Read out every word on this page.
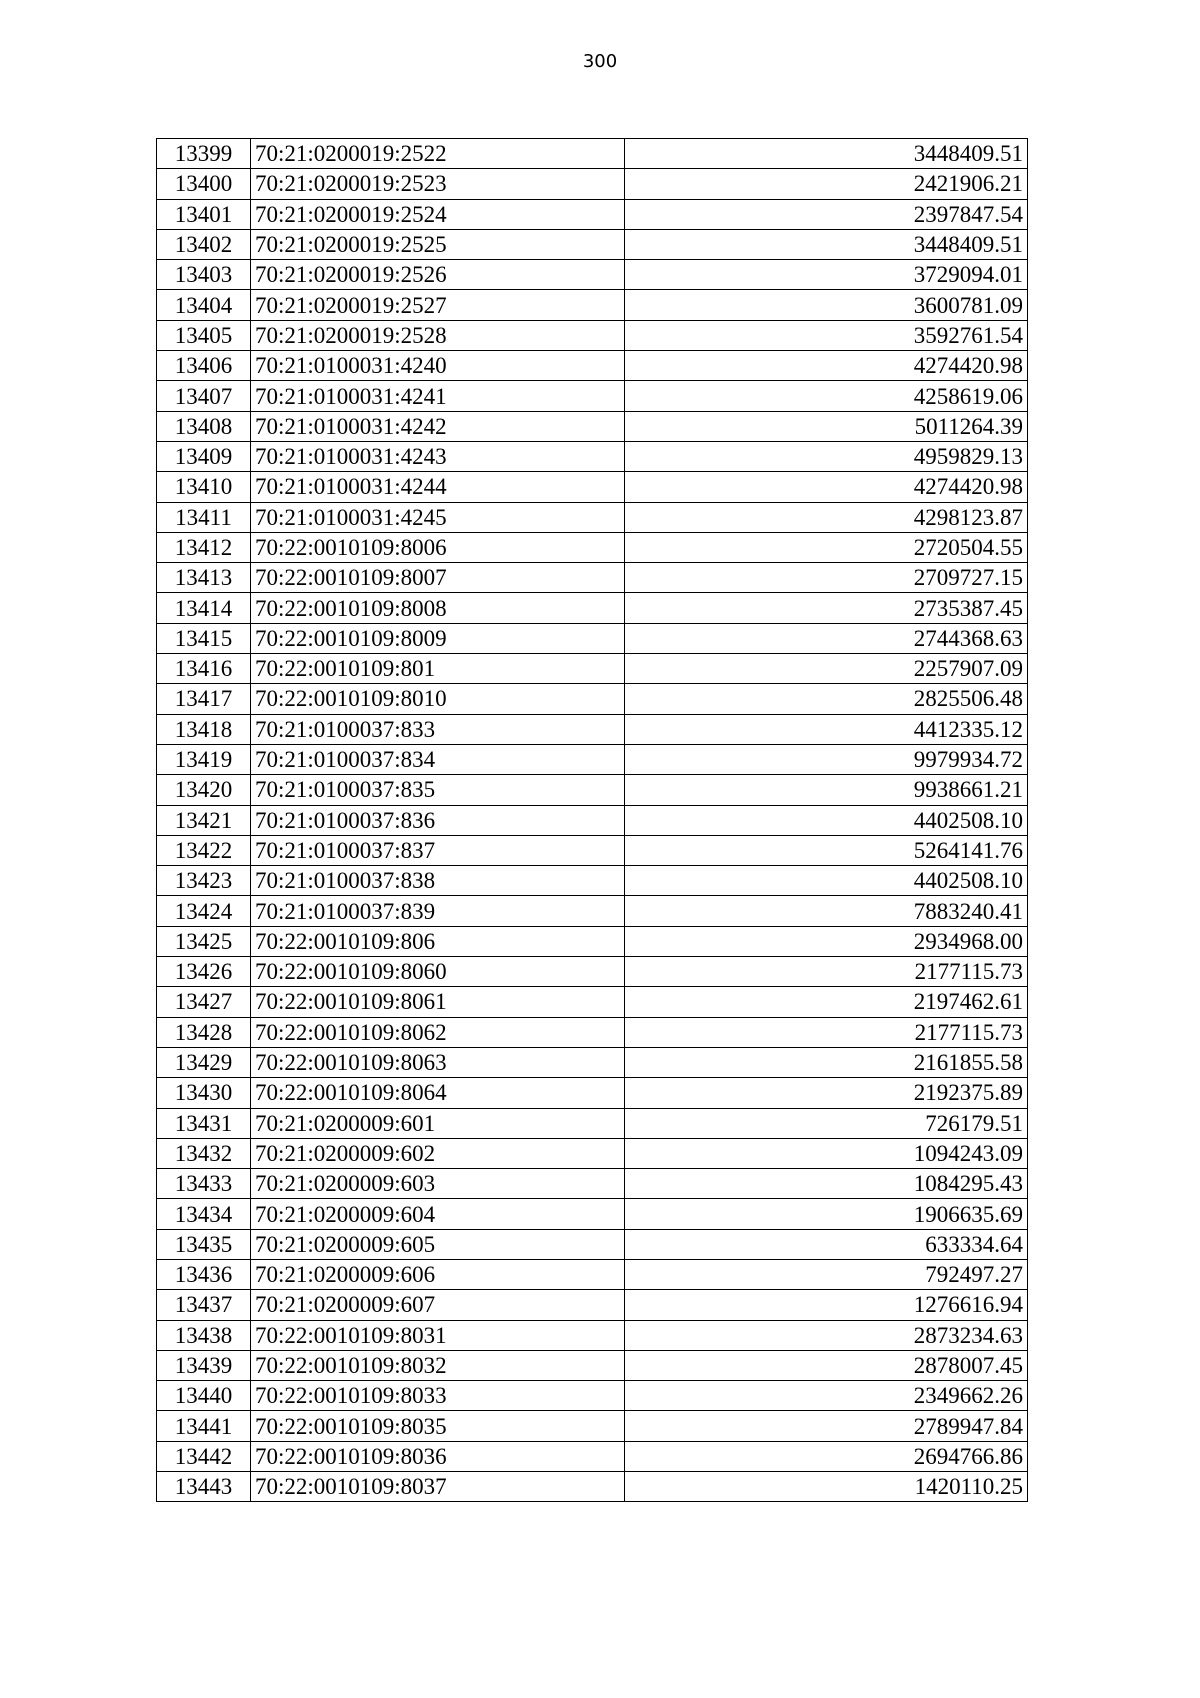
300
13399	70:21:0200019:2522	3448409.51
13400	70:21:0200019:2523	2421906.21
13401	70:21:0200019:2524	2397847.54
13402	70:21:0200019:2525	3448409.51
13403	70:21:0200019:2526	3729094.01
13404	70:21:0200019:2527	3600781.09
13405	70:21:0200019:2528	3592761.54
13406	70:21:0100031:4240	4274420.98
13407	70:21:0100031:4241	4258619.06
13408	70:21:0100031:4242	5011264.39
13409	70:21:0100031:4243	4959829.13
13410	70:21:0100031:4244	4274420.98
13411	70:21:0100031:4245	4298123.87
13412	70:22:0010109:8006	2720504.55
13413	70:22:0010109:8007	2709727.15
13414	70:22:0010109:8008	2735387.45
13415	70:22:0010109:8009	2744368.63
13416	70:22:0010109:801	2257907.09
13417	70:22:0010109:8010	2825506.48
13418	70:21:0100037:833	4412335.12
13419	70:21:0100037:834	9979934.72
13420	70:21:0100037:835	9938661.21
13421	70:21:0100037:836	4402508.10
13422	70:21:0100037:837	5264141.76
13423	70:21:0100037:838	4402508.10
13424	70:21:0100037:839	7883240.41
13425	70:22:0010109:806	2934968.00
13426	70:22:0010109:8060	2177115.73
13427	70:22:0010109:8061	2197462.61
13428	70:22:0010109:8062	2177115.73
13429	70:22:0010109:8063	2161855.58
13430	70:22:0010109:8064	2192375.89
13431	70:21:0200009:601	726179.51
13432	70:21:0200009:602	1094243.09
13433	70:21:0200009:603	1084295.43
13434	70:21:0200009:604	1906635.69
13435	70:21:0200009:605	633334.64
13436	70:21:0200009:606	792497.27
13437	70:21:0200009:607	1276616.94
13438	70:22:0010109:8031	2873234.63
13439	70:22:0010109:8032	2878007.45
13440	70:22:0010109:8033	2349662.26
13441	70:22:0010109:8035	2789947.84
13442	70:22:0010109:8036	2694766.86
13443	70:22:0010109:8037	1420110.25
